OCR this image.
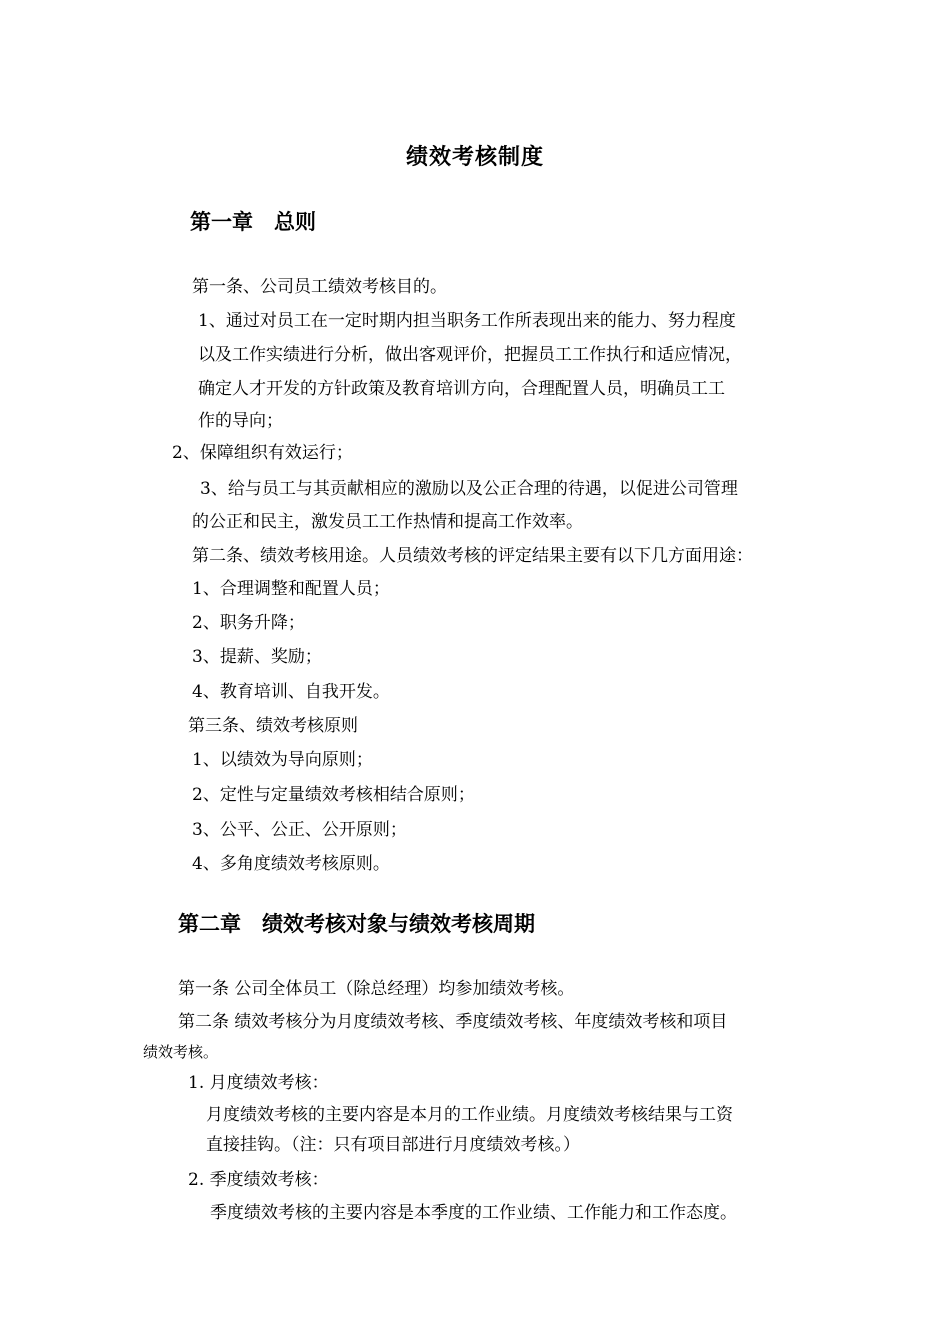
绩效考核制度
第一章　总则
第一条、公司员工绩效考核目的。
1、通过对员工在一定时期内担当职务工作所表现出来的能力、努力程度
以及工作实绩进行分析，做出客观评价，把握员工工作执行和适应情况，
确定人才开发的方针政策及教育培训方向，合理配置人员，明确员工工
作的导向；
2、保障组织有效运行；
3、给与员工与其贡献相应的激励以及公正合理的待遇，以促进公司管理
的公正和民主，激发员工工作热情和提高工作效率。
第二条、绩效考核用途。人员绩效考核的评定结果主要有以下几方面用途：
1、合理调整和配置人员；
2、职务升降；
3、提薪、奖励；
4、教育培训、自我开发。
第三条、绩效考核原则
1、以绩效为导向原则；
2、定性与定量绩效考核相结合原则；
3、公平、公正、公开原则；
4、多角度绩效考核原则。
第二章　绩效考核对象与绩效考核周期
第一条 公司全体员工（除总经理）均参加绩效考核。
第二条 绩效考核分为月度绩效考核、季度绩效考核、年度绩效考核和项目
绩效考核。
1. 月度绩效考核：
月度绩效考核的主要内容是本月的工作业绩。月度绩效考核结果与工资
直接挂钩。（注：只有项目部进行月度绩效考核。）
2. 季度绩效考核：
季度绩效考核的主要内容是本季度的工作业绩、工作能力和工作态度。
